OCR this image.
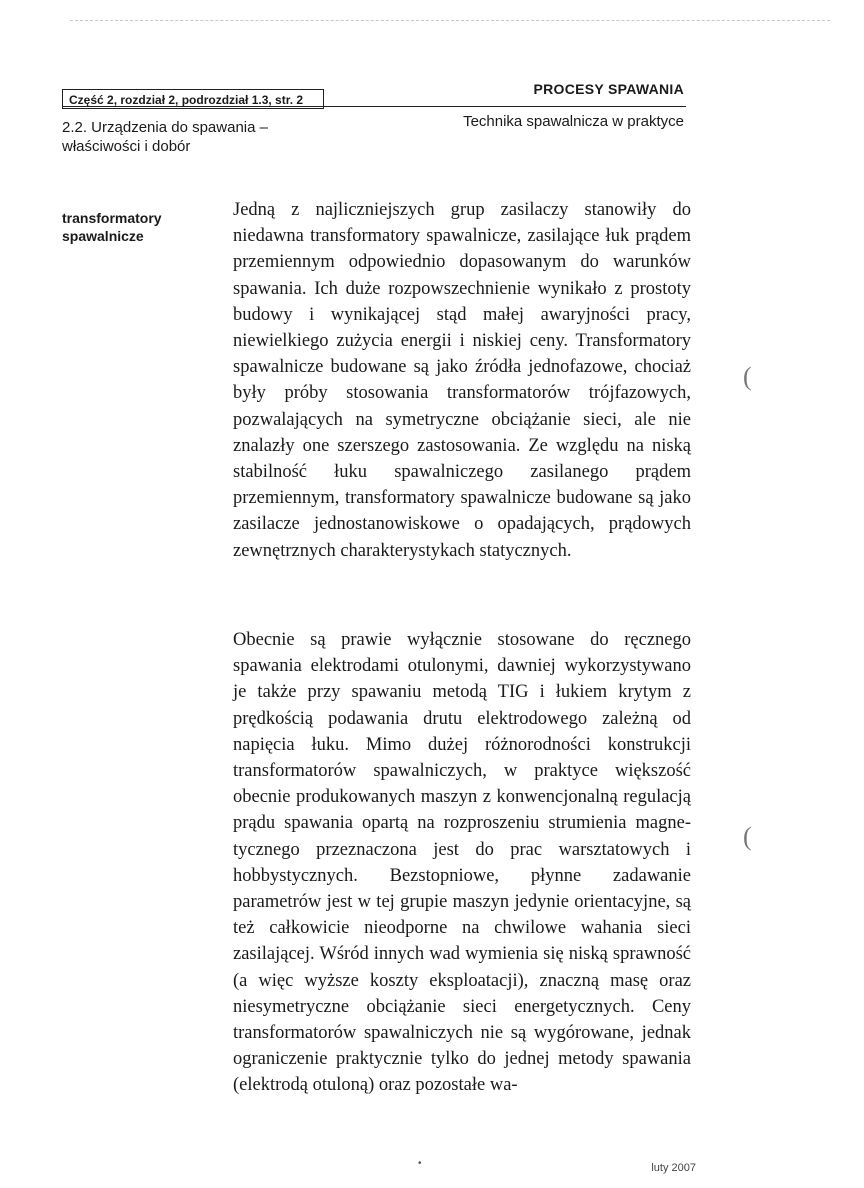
Część 2, rozdział 2, podrozdział 1.3, str. 2
PROCESY SPAWANIA
2.2. Urządzenia do spawania –
właściwości i dobór
Technika spawalnicza w praktyce
transformatory
spawalnicze

Jedną z najliczniejszych grup zasilaczy stanowiły do niedawna transformatory spawalnicze, zasilające łuk prądem przemiennym odpowiednio dopasowanym do warunków spawania. Ich duże rozpowszechnienie wynikało z prostoty budowy i wynikającej stąd małej awaryjności pracy, niewielkiego zużycia energii i niskiej ceny. Transformatory spawalnicze budowane są jako źródła jednofazowe, chociaż były próby stosowania transformatorów trójfazowych, pozwalających na symetryczne obciążanie sieci, ale nie znalazły one szerszego zastosowania. Ze względu na niską stabilność łuku spawalniczego zasilanego prądem przemiennym, transformatory spawalnicze budowane są jako zasilacze jednostanowiskowe o opadających, prądowych zewnętrznych charakterystykach statycznych.

Obecnie są prawie wyłącznie stosowane do ręcznego spawania elektrodami otulonymi, dawniej wykorzystywano je także przy spawaniu metodą TIG i łukiem krytym z prędkością podawania drutu elektrodowego zależną od napięcia łuku. Mimo dużej różnorodności konstrukcji transformatorów spawalniczych, w praktyce większość obecnie produkowanych maszyn z konwencjonalną regulacją prądu spawania opartą na rozproszeniu strumienia magnetycznego przeznaczona jest do prac warsztatowych i hobbystycznych. Bezstopniowe, płynne zadawanie parametrów jest w tej grupie maszyn jedynie orientacyjne, są też całkowicie nieodporne na chwilowe wahania sieci zasilającej. Wśród innych wad wymienia się niską sprawność (a więc wyższe koszty eksploatacji), znaczną masę oraz niesymetryczne obciążanie sieci energetycznych. Ceny transformatorów spawalniczych nie są wygórowane, jednak ograniczenie praktycznie tylko do jednej metody spawania (elektrodą otuloną) oraz pozostałe wa-

(
(
•	luty 2007
